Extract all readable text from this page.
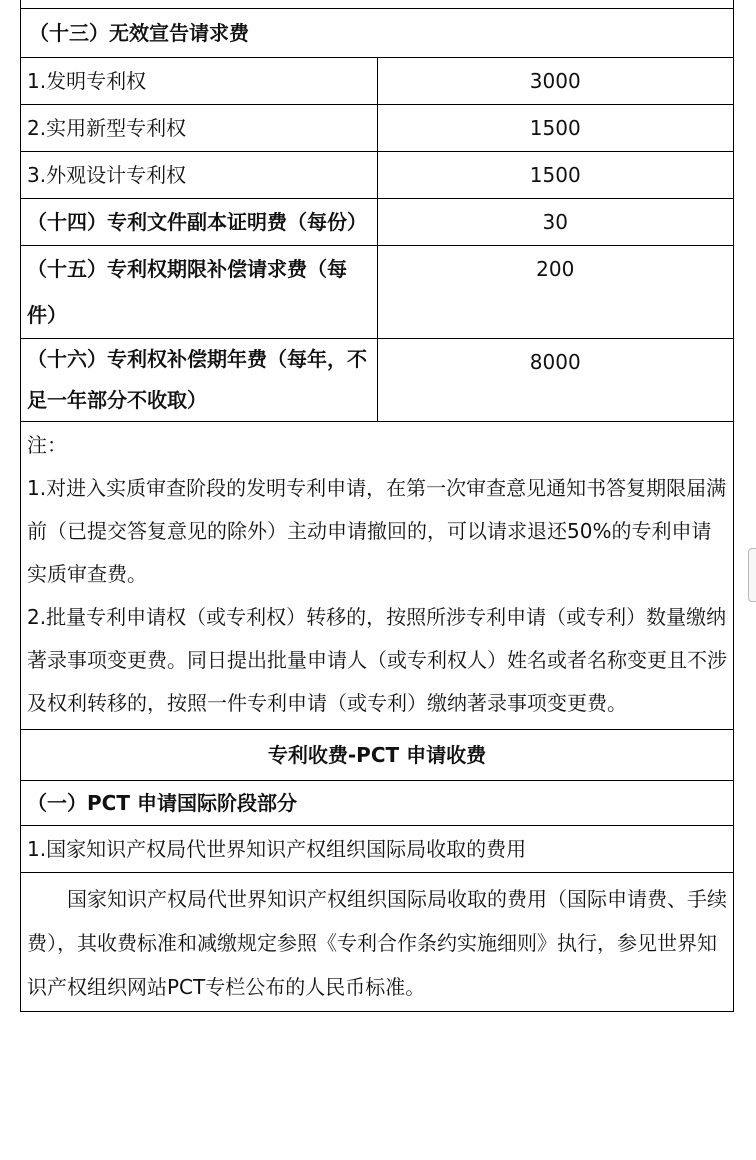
（十三）无效宣告请求费	
1.发明专利权	3000
2.实用新型专利权	1500
3.外观设计专利权	1500
（十四）专利文件副本证明费（每份）	30
（十五）专利权期限补偿请求费（每件）	200
（十六）专利权补偿期年费（每年，不足一年部分不收取）	8000

注：

1.对进入实质审查阶段的发明专利申请，在第一次审查意见通知书答复期限届满前（已提交答复意见的除外）主动申请撤回的，可以请求退还50%的专利申请实质审查费。

2.批量专利申请权（或专利权）转移的，按照所涉专利申请（或专利）数量缴纳著录事项变更费。同日提出批量申请人（或专利权人）姓名或者名称变更且不涉及权利转移的，按照一件专利申请（或专利）缴纳著录事项变更费。	

专利收费-PCT 申请收费	
（一）PCT 申请国际阶段部分	
1.国家知识产权局代世界知识产权组织国际局收取的费用	

国家知识产权局代世界知识产权组织国际局收取的费用（国际申请费、手续费），其收费标准和减缴规定参照《专利合作条约实施细则》执行，参见世界知识产权组织网站PCT专栏公布的人民币标准。	
